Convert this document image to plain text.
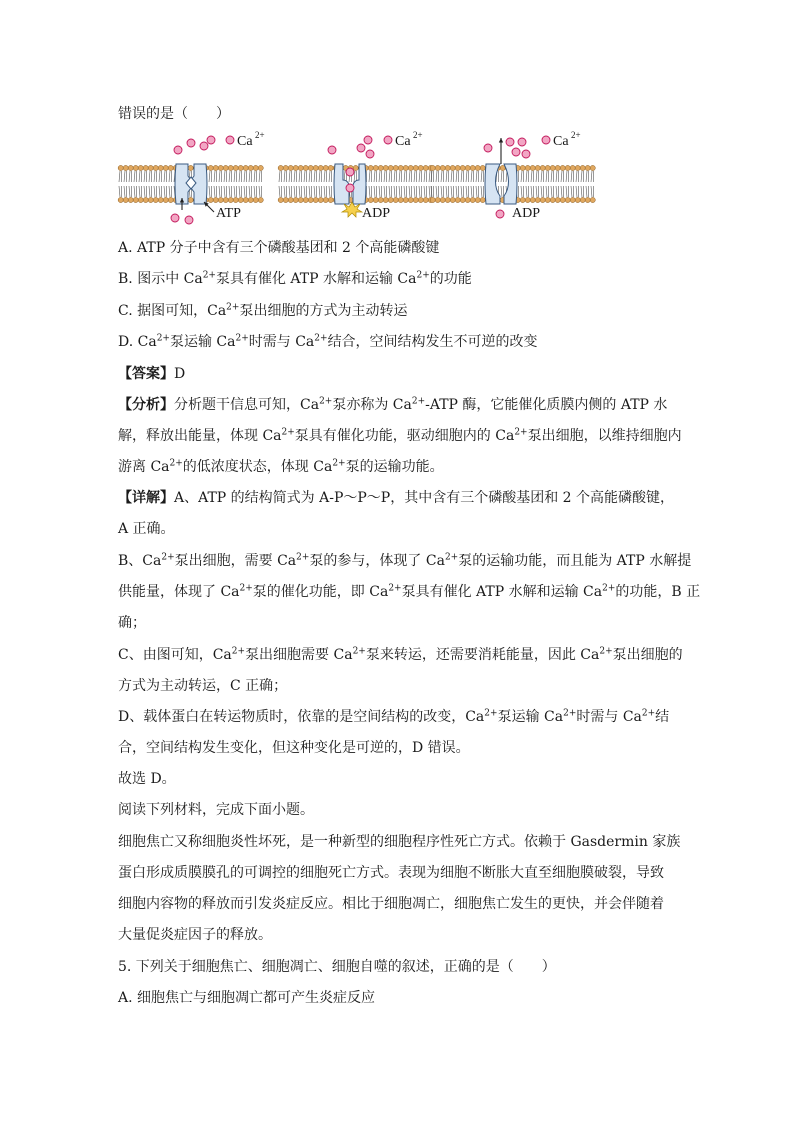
错误的是（　　）
ATP
Ca 2+
ADP
Ca 2+
ADP
Ca 2+
A. ATP 分子中含有三个磷酸基团和 2 个高能磷酸键
B. 图示中 $Ca^{2+}$泵具有催化 ATP 水解和运输 $Ca^{2+}$的功能
C. 据图可知，$Ca^{2+}$泵出细胞的方式为主动转运
D. $Ca^{2+}$泵运输 $Ca^{2+}$时需与 $Ca^{2+}$结合，空间结构发生不可逆的改变
【答案】D
【分析】分析题干信息可知，$Ca^{2+}$泵亦称为 $Ca^{2+}$-ATP 酶，它能催化质膜内侧的 ATP 水
解，释放出能量，体现 $Ca^{2+}$泵具有催化功能，驱动细胞内的 $Ca^{2+}$泵出细胞，以维持细胞内
游离 $Ca^{2+}$的低浓度状态，体现 $Ca^{2+}$泵的运输功能。
【详解】A、ATP 的结构简式为 A-P～P～P，其中含有三个磷酸基团和 2 个高能磷酸键，
A 正确。
B、$Ca^{2+}$泵出细胞，需要 $Ca^{2+}$泵的参与，体现了 $Ca^{2+}$泵的运输功能，而且能为 ATP 水解提
供能量，体现了 $Ca^{2+}$泵的催化功能，即 $Ca^{2+}$泵具有催化 ATP 水解和运输 $Ca^{2+}$的功能，B 正
确；
C、由图可知，$Ca^{2+}$泵出细胞需要 $Ca^{2+}$泵来转运，还需要消耗能量，因此 $Ca^{2+}$泵出细胞的
方式为主动转运，C 正确；
D、载体蛋白在转运物质时，依靠的是空间结构的改变，$Ca^{2+}$泵运输 $Ca^{2+}$时需与 $Ca^{2+}$结
合，空间结构发生变化，但这种变化是可逆的，D 错误。
故选 D。
阅读下列材料，完成下面小题。
细胞焦亡又称细胞炎性坏死，是一种新型的细胞程序性死亡方式。依赖于 Gasdermin 家族
蛋白形成质膜膜孔的可调控的细胞死亡方式。表现为细胞不断胀大直至细胞膜破裂，导致
细胞内容物的释放而引发炎症反应。相比于细胞凋亡，细胞焦亡发生的更快，并会伴随着
大量促炎症因子的释放。
5. 下列关于细胞焦亡、细胞凋亡、细胞自噬的叙述，正确的是（　　）
A. 细胞焦亡与细胞凋亡都可产生炎症反应
